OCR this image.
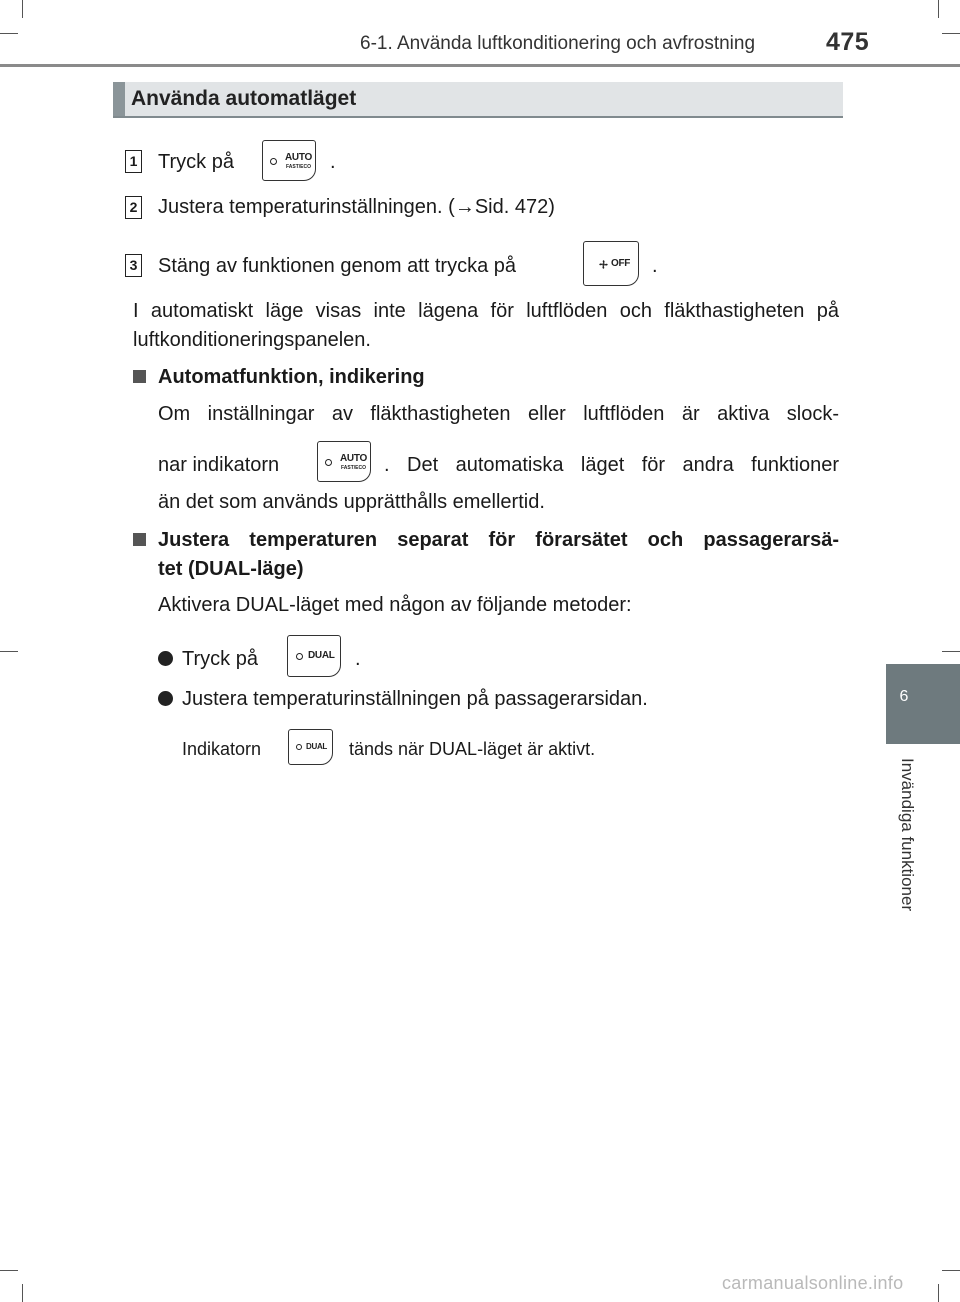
6-1. Använda luftkonditionering och avfrostning	475
Använda automatläget
1 Tryck på	AUTO
FAST/ECO .
2 Justera temperaturinställningen. (→Sid. 472)
3 Stäng av funktionen genom att trycka på	OFF .
I automatiskt läge visas inte lägena för luftflöden och fläkthastigheten på luftkonditioneringspanelen.
Automatfunktion, indikering
Om inställningar av fläkthastigheten eller luftflöden är aktiva slock-
nar indikatorn	AUTO
FAST/ECO . Det automatiska läget för andra funktioner
än det som används upprätthålls emellertid.
Justera temperaturen separat för förarsätet och passagerarsä-
tet (DUAL-läge)
Aktivera DUAL-läget med någon av följande metoder:
Tryck på	DUAL .
Justera temperaturinställningen på passagerarsidan.
Indikatorn	DUAL tänds när DUAL-läget är aktivt.
6
Invändiga funktioner
carmanualsonline.info
